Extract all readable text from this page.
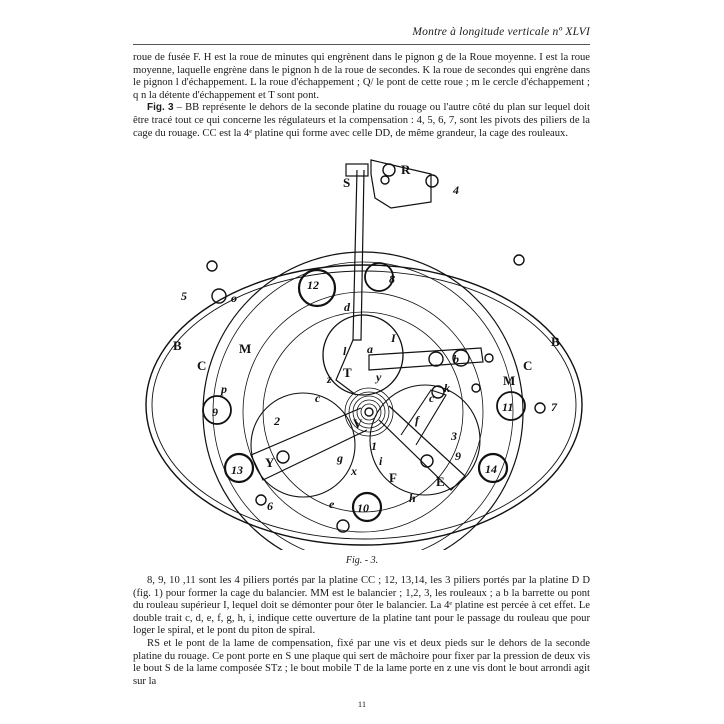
Montre à longitude verticale nº XLVI

roue de fusée F. H est la roue de minutes qui engrènent dans le pignon g de la Roue moyenne. I est la roue moyenne, laquelle engrène dans le pignon h de la roue de secondes. K la roue de secondes qui engrène dans le pignon l d'échappement. L la roue d'échappement ; Q/ le pont de cette roue ; m le cercle d'échappement ; q n la détente d'échappement et T sont pont.

Fig. 3 – BB représente le dehors de la seconde platine du rouage ou l'autre côté du plan sur lequel doit être tracé tout ce qui concerne les régulateurs et la compensation : 4, 5, 6, 7, sont les pivots des piliers de la cage du rouage. CC est la 4ᵉ platine qui forme avec celle DD, de même grandeur, la cage des rouleaux.

S
R
4
8
12
d
5	o
I
l a
b
B	B
C	C
M
M
z T y
k
p
c	c
9	11	7
2
3
V	f
Y
1
g
x
i	9
13	14
F	E
6
h
e 10
Fig. - 3.

8, 9, 10 ,11 sont les 4 piliers portés par la platine CC ; 12, 13,14, les 3 piliers portés par la platine D D (fig. 1) pour former la cage du balancier. MM est le balancier ; 1,2, 3, les rouleaux ; a b la barrette ou pont du rouleau supérieur I, lequel doit se démonter pour ôter le balancier. La 4ᵉ platine est percée à cet effet. Le double trait c, d, e, f, g, h, i, indique cette ouverture de la platine tant pour le passage du rouleau que pour loger le spiral, et le pont du piton de spiral.

RS et le pont de la lame de compensation, fixé par une vis et deux pieds sur le dehors de la seconde platine du rouage. Ce pont porte en S une plaque qui sert de mâchoire pour fixer par la pression de deux vis le bout S de la lame composée STz ; le bout mobile T de la lame porte en z une vis dont le bout arrondi agit sur la

11
